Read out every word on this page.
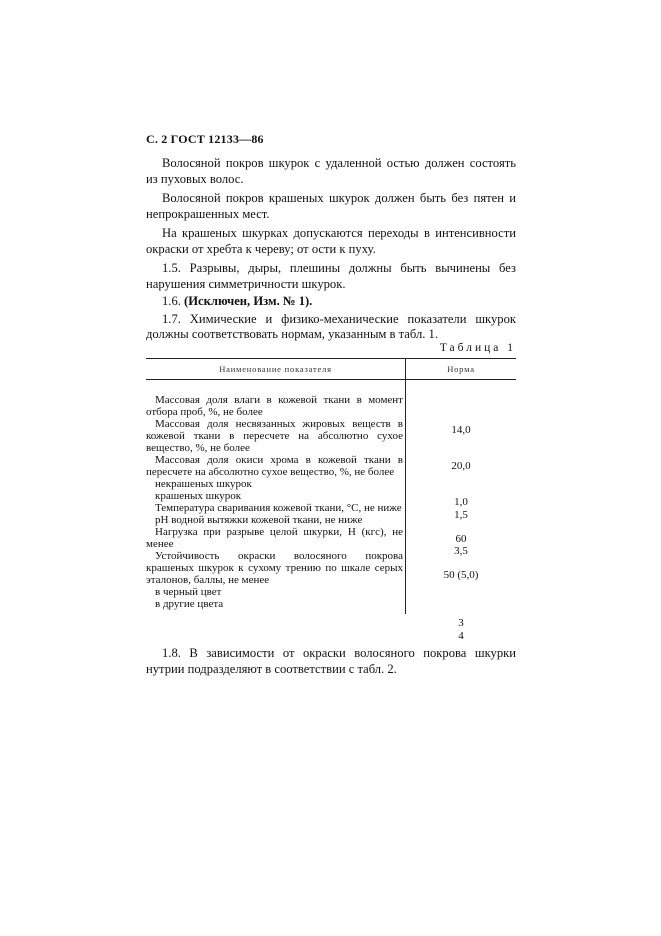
С. 2 ГОСТ 12133—86

Волосяной покров шкурок с удаленной остью должен состоять из пуховых волос.

Волосяной покров крашеных шкурок должен быть без пятен и непрокрашенных мест.

На крашеных шкурках допускаются переходы в интенсивности окраски от хребта к череву; от ости к пуху.

1.5. Разрывы, дыры, плешины должны быть вычинены без нарушения симметричности шкурок.

1.6. (Исключен, Изм. № 1).

1.7. Химические и физико-механические показатели шкурок должны соответствовать нормам, указанным в табл. 1.

Таблица 1
Наименование показателя	Норма
Массовая доля влаги в кожевой ткани в момент отбора проб, %, не более
Массовая доля несвязанных жировых веществ в кожевой ткани в пересчете на абсолютно сухое вещество, %, не более
Массовая доля окиси хрома в кожевой ткани в пересчете на абсолютно сухое вещество, %, не более
некрашеных шкурок
крашеных шкурок
Температура сваривания кожевой ткани, °С, не ниже
рН водной вытяжки кожевой ткани, не ниже
Нагрузка при разрыве целой шкурки, Н (кгс), не менее
Устойчивость окраски волосяного покрова крашеных шкурок к сухому трению по шкале серых эталонов, баллы, не менее
в черный цвет
в другие цвета
14,0
20,0
1,0
1,5
60
3,5
50 (5,0)
3
4

1.8. В зависимости от окраски волосяного покрова шкурки нутрии подразделяют в соответствии с табл. 2.
